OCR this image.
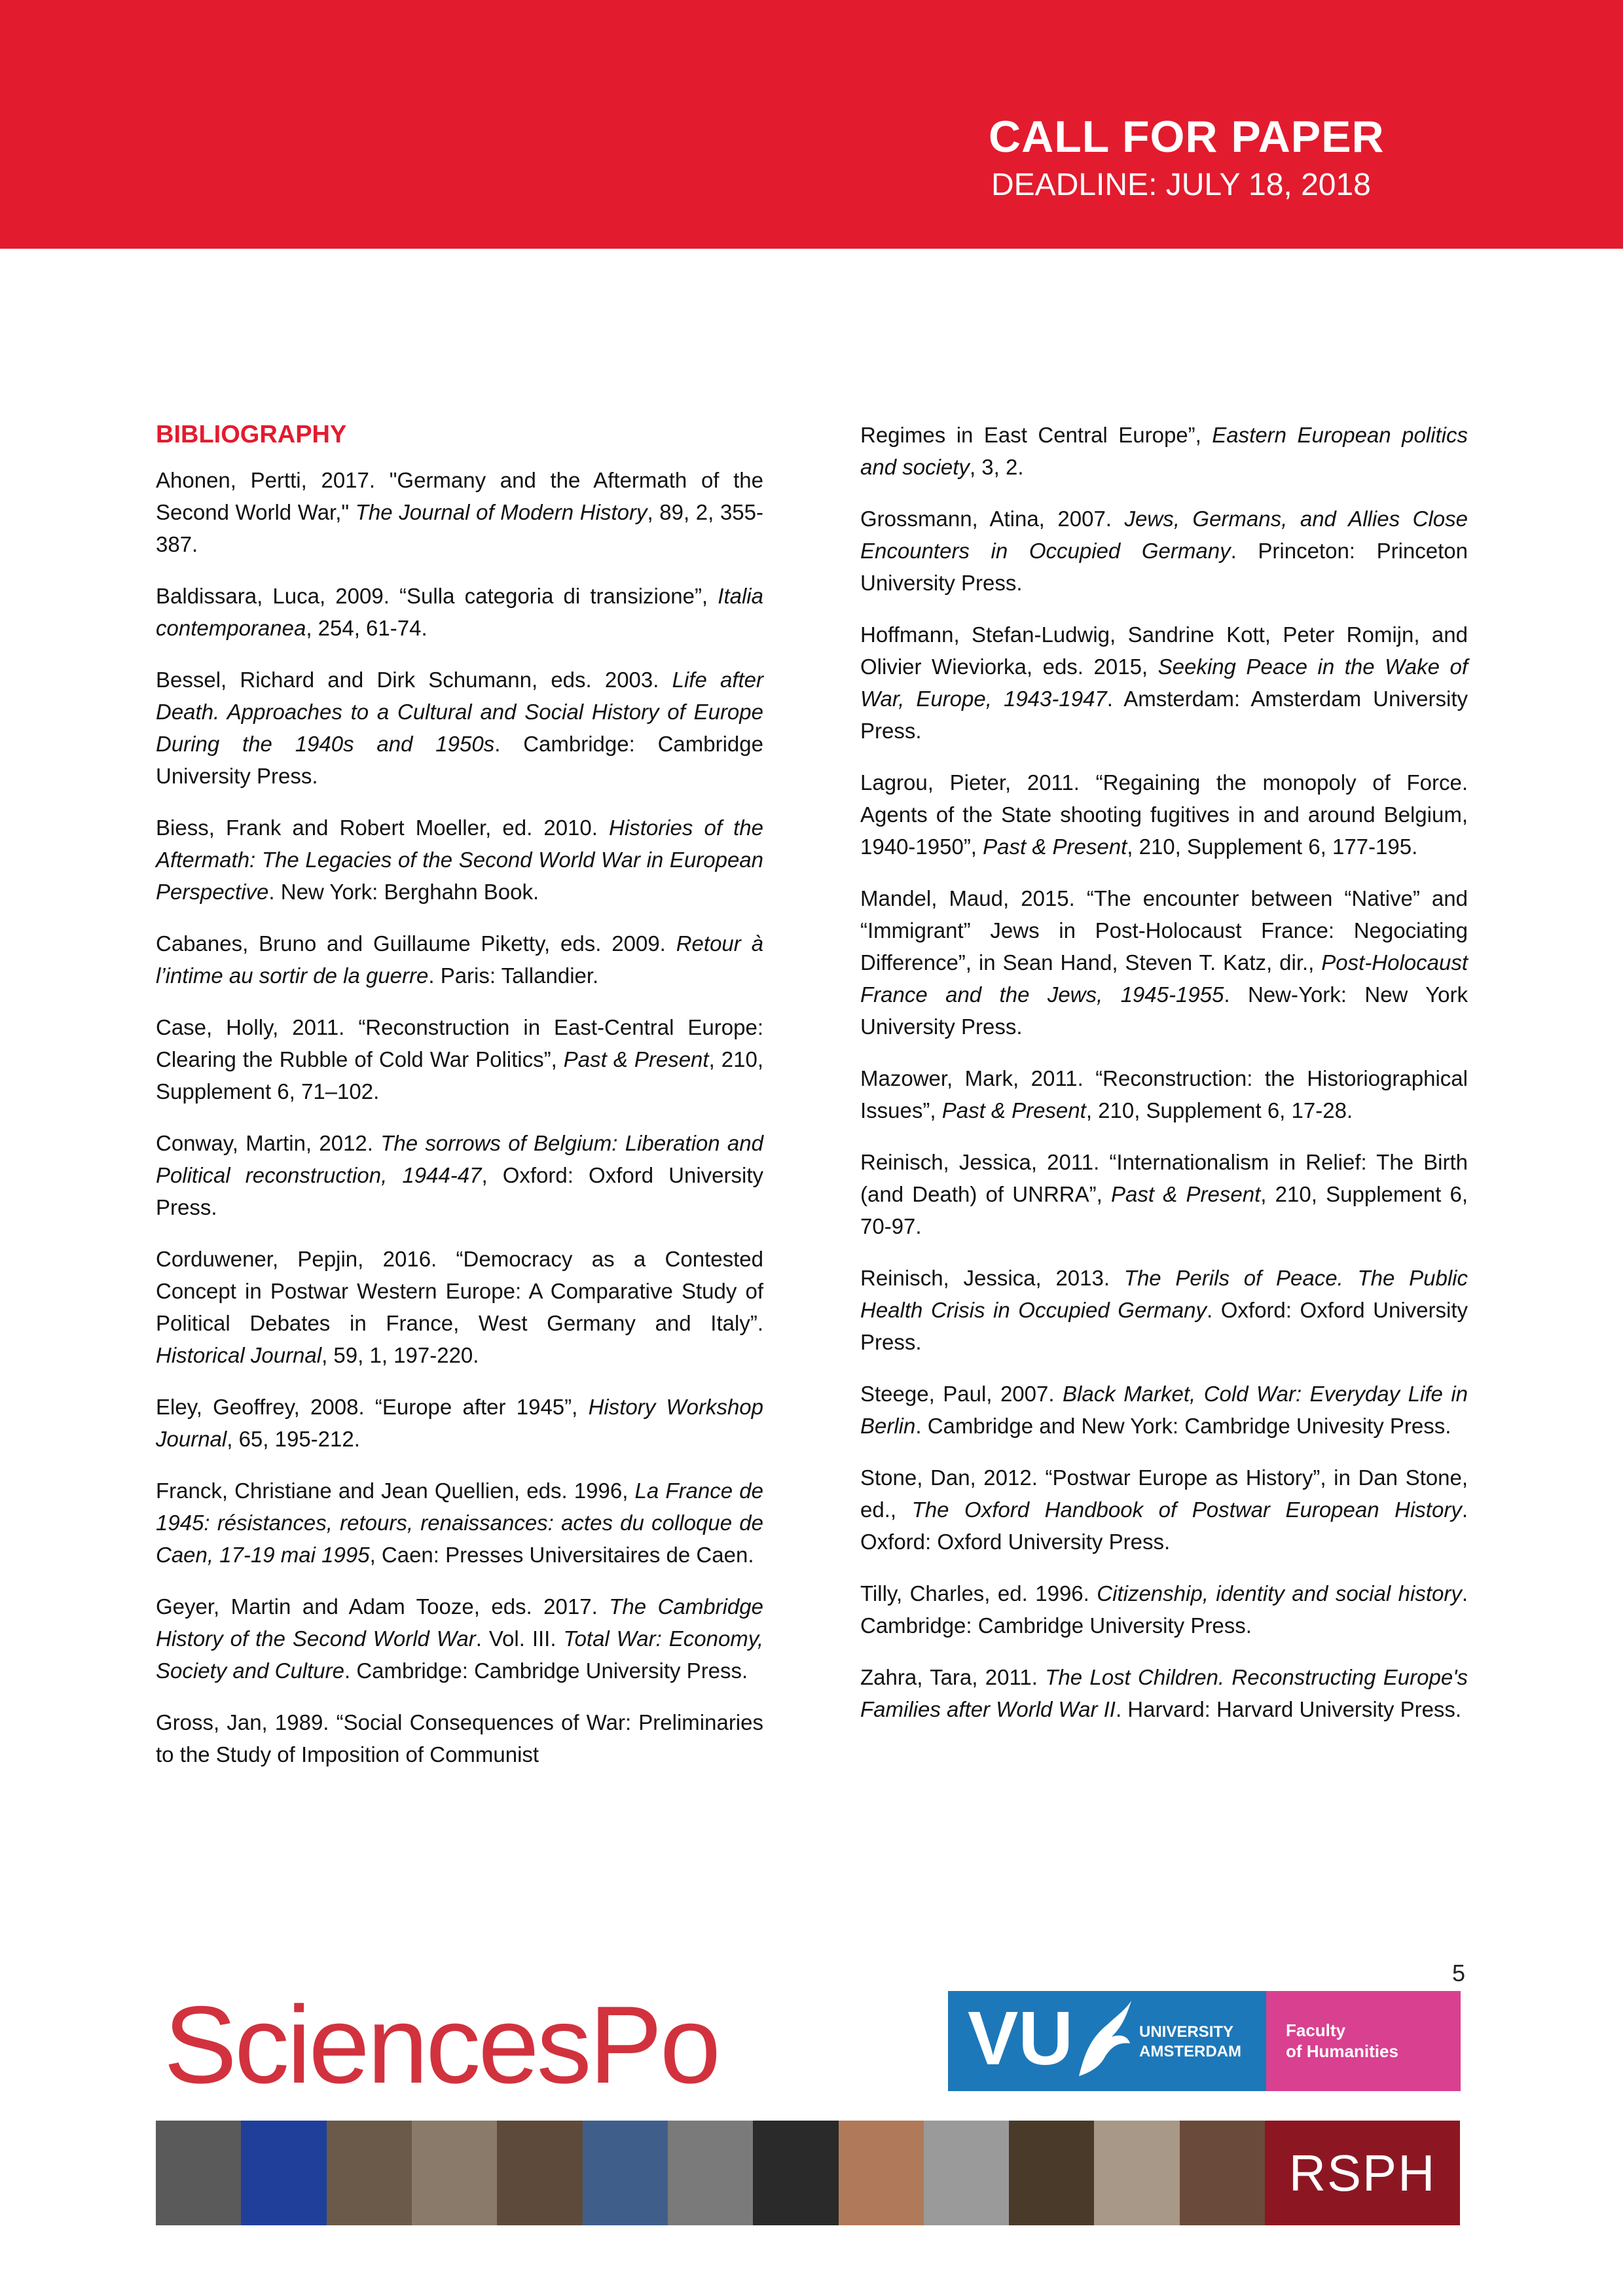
CALL FOR PAPER
DEADLINE: JULY 18, 2018
BIBLIOGRAPHY

Ahonen, Pertti, 2017. "Germany and the Aftermath of the Second World War," The Journal of Modern History, 89, 2, 355-387.

Baldissara, Luca, 2009. “Sulla categoria di transizione”, Italia contemporanea, 254, 61-74.

Bessel, Richard and Dirk Schumann, eds. 2003. Life after Death. Approaches to a Cultural and Social History of Europe During the 1940s and 1950s. Cambridge: Cambridge University Press.

Biess, Frank and Robert Moeller, ed. 2010. Histories of the Aftermath: The Legacies of the Second World War in European Perspective. New York: Berghahn Book.

Cabanes, Bruno and Guillaume Piketty, eds. 2009. Retour à l’intime au sortir de la guerre. Paris: Tallandier.

Case, Holly, 2011. “Reconstruction in East-Central Europe: Clearing the Rubble of Cold War Politics”, Past & Present, 210, Supplement 6, 71–102.

Conway, Martin, 2012. The sorrows of Belgium: Liberation and Political reconstruction, 1944-47, Oxford: Oxford University Press.

Corduwener, Pepjin, 2016. “Democracy as a Contested Concept in Postwar Western Europe: A Comparative Study of Political Debates in France, West Germany and Italy”. Historical Journal, 59, 1, 197-220.

Eley, Geoffrey, 2008. “Europe after 1945”, History Workshop Journal, 65, 195-212.

Franck, Christiane and Jean Quellien, eds. 1996, La France de 1945: résistances, retours, renaissances: actes du colloque de Caen, 17-19 mai 1995, Caen: Presses Universitaires de Caen.

Geyer, Martin and Adam Tooze, eds. 2017. The Cambridge History of the Second World War. Vol. III. Total War: Economy, Society and Culture. Cambridge: Cambridge University Press.

Gross, Jan, 1989. “Social Consequences of War: Preliminaries to the Study of Imposition of Communist

Regimes in East Central Europe”, Eastern European politics and society, 3, 2.

Grossmann, Atina, 2007. Jews, Germans, and Allies Close Encounters in Occupied Germany. Princeton: Princeton University Press.

Hoffmann, Stefan-Ludwig, Sandrine Kott, Peter Romijn, and Olivier Wieviorka, eds. 2015, Seeking Peace in the Wake of War, Europe, 1943-1947. Amsterdam: Amsterdam University Press.

Lagrou, Pieter, 2011. “Regaining the monopoly of Force. Agents of the State shooting fugitives in and around Belgium, 1940-1950”, Past & Present, 210, Supplement 6, 177-195.

Mandel, Maud, 2015. “The encounter between “Native” and “Immigrant” Jews in Post-Holocaust France: Negociating Difference”, in Sean Hand, Steven T. Katz, dir., Post-Holocaust France and the Jews, 1945-1955. New-York: New York University Press.

Mazower, Mark, 2011. “Reconstruction: the Historiographical Issues”, Past & Present, 210, Supplement 6, 17-28.

Reinisch, Jessica, 2011. “Internationalism in Relief: The Birth (and Death) of UNRRA”, Past & Present, 210, Supplement 6, 70-97.

Reinisch, Jessica, 2013. The Perils of Peace. The Public Health Crisis in Occupied Germany. Oxford: Oxford University Press.

Steege, Paul, 2007. Black Market, Cold War: Everyday Life in Berlin. Cambridge and New York: Cambridge Univesity Press.

Stone, Dan, 2012. “Postwar Europe as History”, in Dan Stone, ed., The Oxford Handbook of Postwar European History. Oxford: Oxford University Press.

Tilly, Charles, ed. 1996. Citizenship, identity and social history. Cambridge: Cambridge University Press.

Zahra, Tara, 2011. The Lost Children. Reconstructing Europe's Families after World War II. Harvard: Harvard University Press.

5
SciencesPo	VU	UNIVERSITY
AMSTERDAM
Faculty
of Humanities
RSPH
